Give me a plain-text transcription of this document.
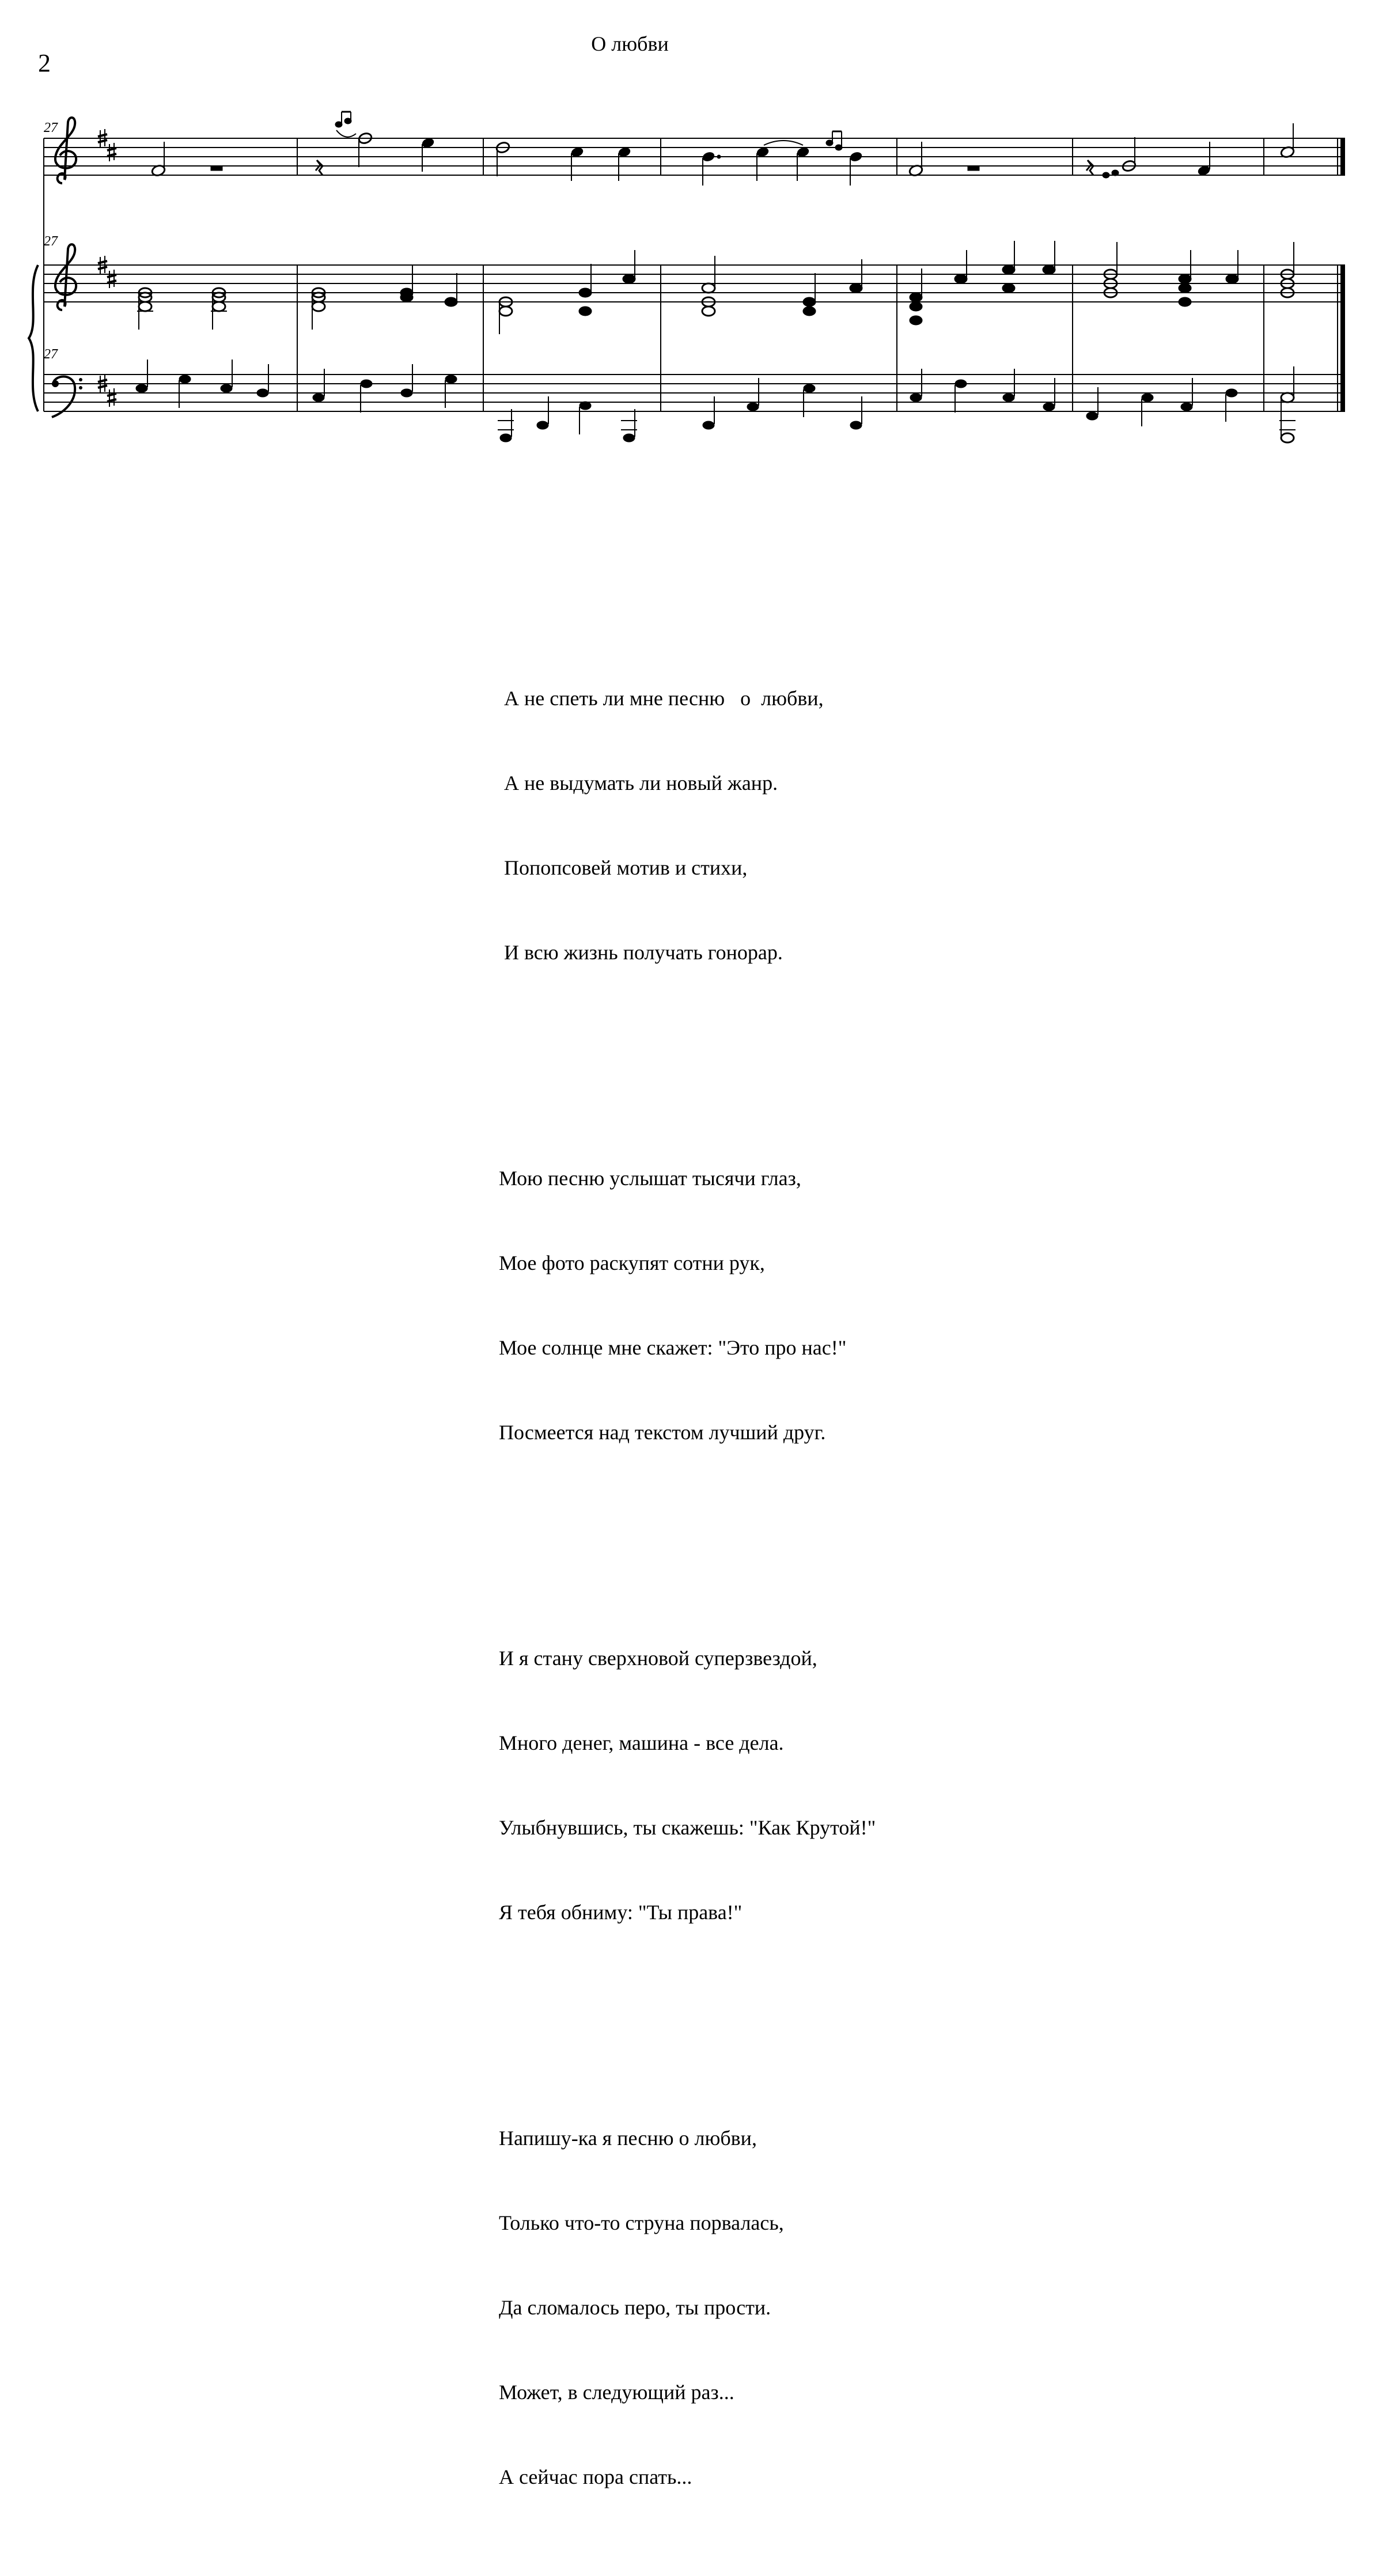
2
О любви
27
27
27

А не спеть ли мне песню   о  любви,

А не выдумать ли новый жанр.

Попопсовей мотив и стихи,

И всю жизнь получать гонорар.

Мою песню услышат тысячи глаз,

Мое фото раскупят сотни рук,

Мое солнце мне скажет: "Это про нас!"

Посмеется над текстом лучший друг.

И я стану сверхновой суперзвездой,

Много денег, машина - все дела.

Улыбнувшись, ты скажешь: "Как Крутой!"

Я тебя обниму: "Ты права!"

Напишу-ка я песню о любви,

Только что-то струна порвалась,

Да сломалось перо, ты прости.

Может, в следующий раз...

А сейчас пора спать...
